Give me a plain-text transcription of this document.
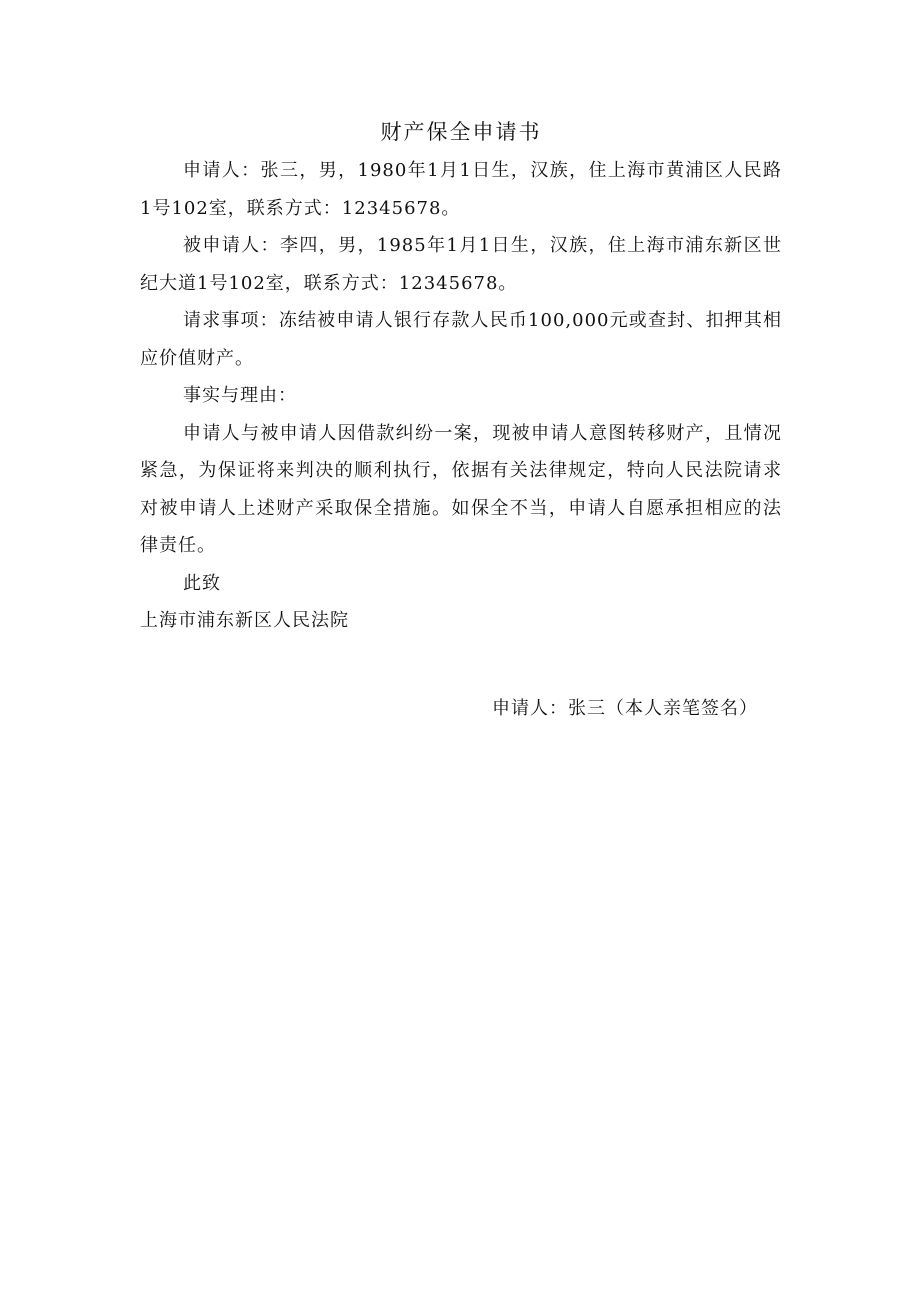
财产保全申请书

申请人：张三，男，1980年1月1日生，汉族，住上海市黄浦区人民路1号102室，联系方式：12345678。

被申请人：李四，男，1985年1月1日生，汉族，住上海市浦东新区世纪大道1号102室，联系方式：12345678。

请求事项：冻结被申请人银行存款人民币100,000元或查封、扣押其相应价值财产。

事实与理由：

申请人与被申请人因借款纠纷一案，现被申请人意图转移财产，且情况紧急，为保证将来判决的顺利执行，依据有关法律规定，特向人民法院请求对被申请人上述财产采取保全措施。如保全不当，申请人自愿承担相应的法律责任。

此致

上海市浦东新区人民法院

申请人：张三（本人亲笔签名）
